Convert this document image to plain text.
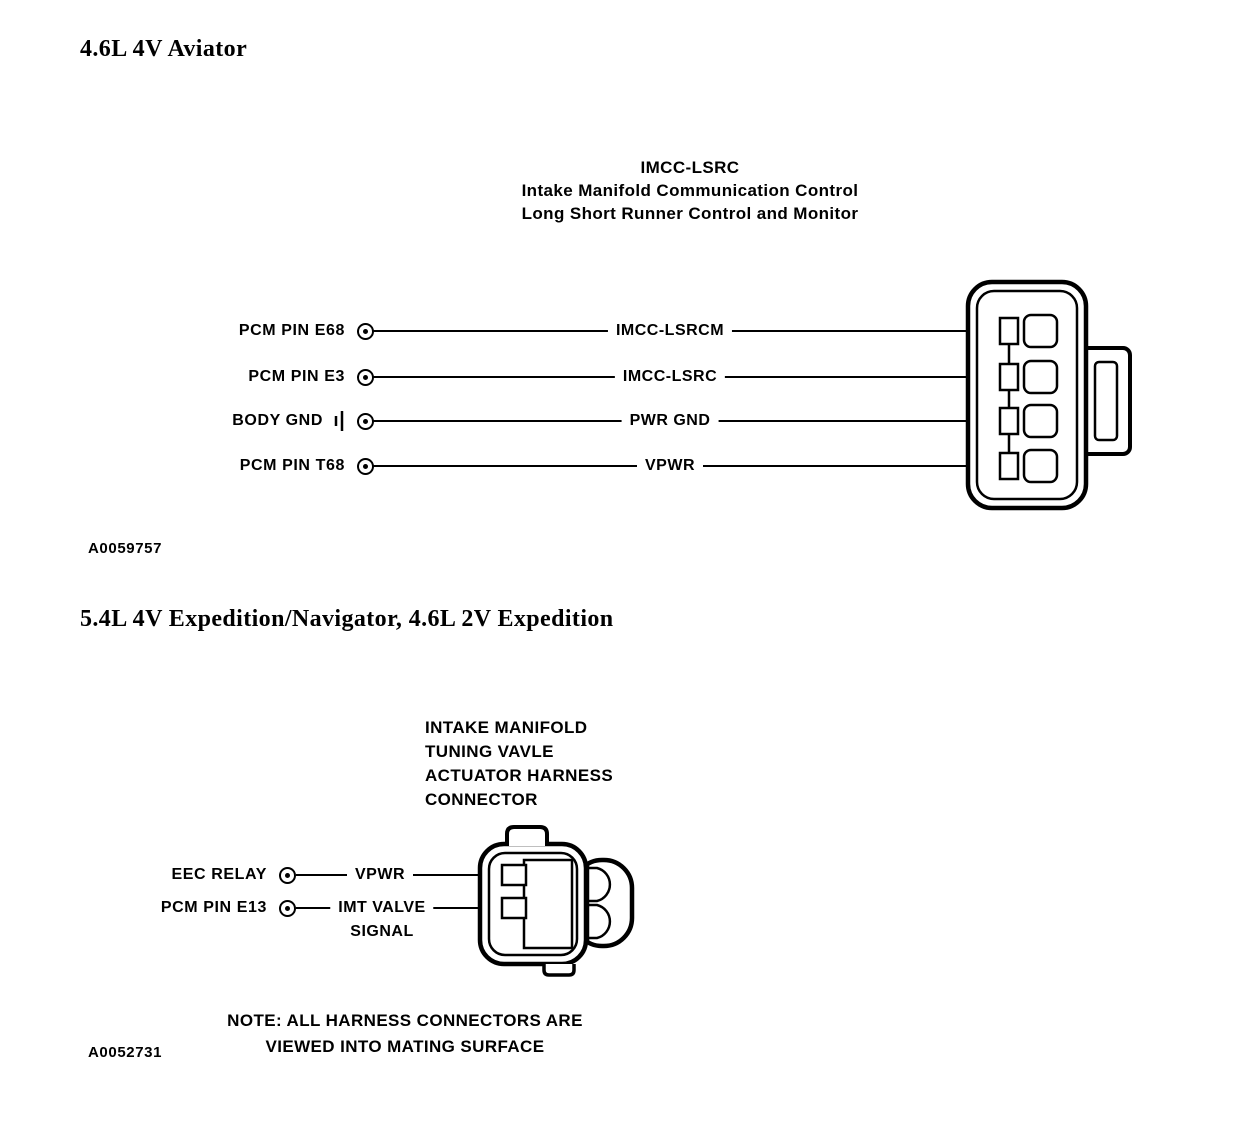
4.6L 4V Aviator
IMCC-LSRC
Intake Manifold Communication Control
Long Short Runner Control and Monitor
PCM PIN E68	IMCC-LSRCM
PCM PIN E3	IMCC-LSRC
BODY GND	PWR GND
PCM PIN T68	VPWR
A0059757
5.4L 4V Expedition/Navigator, 4.6L 2V Expedition
INTAKE MANIFOLD
TUNING VAVLE
ACTUATOR HARNESS
CONNECTOR
EEC RELAY	VPWR
PCM PIN E13	IMT VALVE
SIGNAL
NOTE: ALL HARNESS CONNECTORS ARE
VIEWED INTO MATING SURFACE
A0052731
